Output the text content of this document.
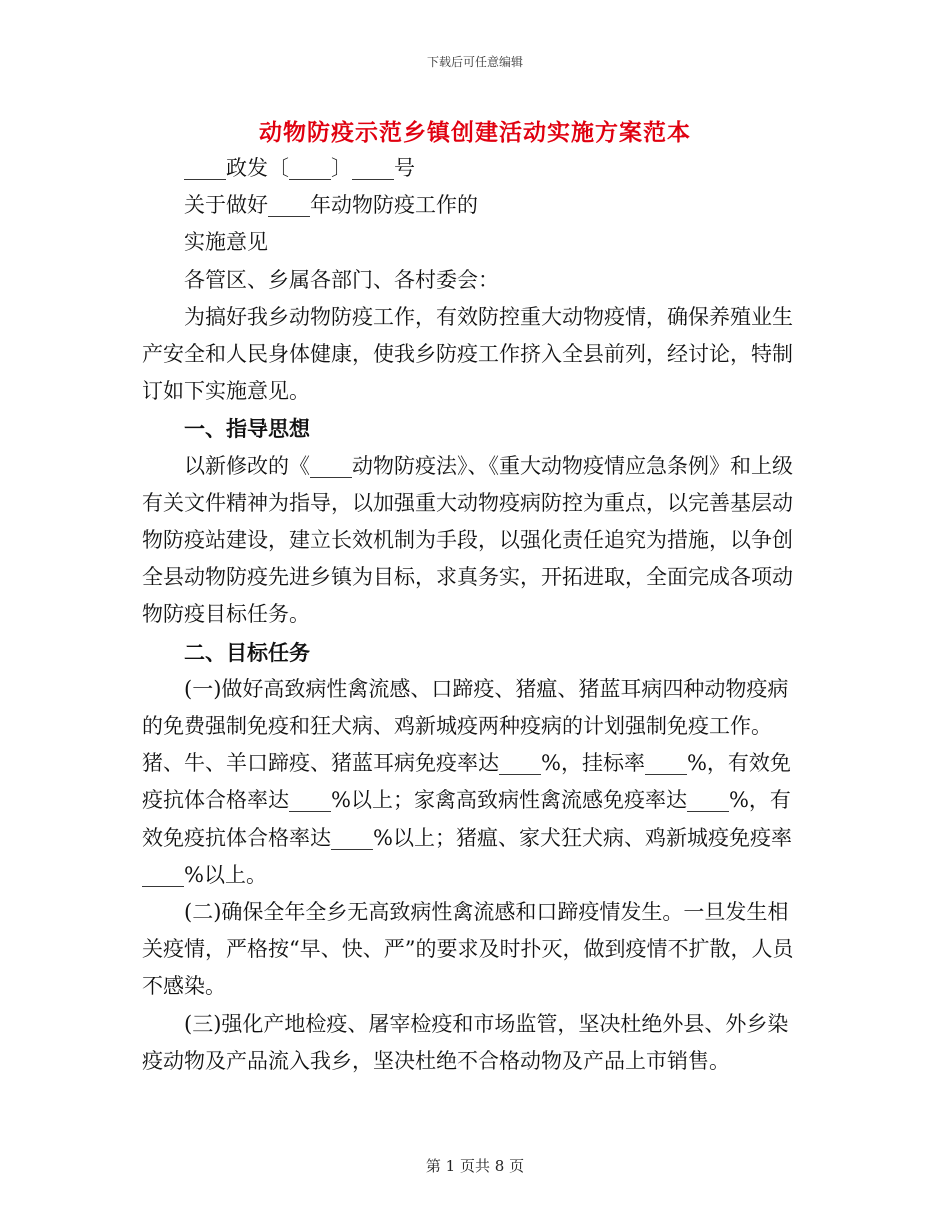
下载后可任意编辑
动物防疫示范乡镇创建活动实施方案范本

____政发〔____〕____号

关于做好____年动物防疫工作的

实施意见

各管区、乡属各部门、各村委会：

为搞好我乡动物防疫工作，有效防控重大动物疫情，确保养殖业生产安全和人民身体健康，使我乡防疫工作挤入全县前列，经讨论，特制订如下实施意见。

一、指导思想

以新修改的《____动物防疫法》、《重大动物疫情应急条例》和上级有关文件精神为指导，以加强重大动物疫病防控为重点，以完善基层动物防疫站建设，建立长效机制为手段，以强化责任追究为措施，以争创全县动物防疫先进乡镇为目标，求真务实，开拓进取，全面完成各项动物防疫目标任务。

二、目标任务

(一)做好高致病性禽流感、口蹄疫、猪瘟、猪蓝耳病四种动物疫病的免费强制免疫和狂犬病、鸡新城疫两种疫病的计划强制免疫工作。猪、牛、羊口蹄疫、猪蓝耳病免疫率达____%，挂标率____%，有效免疫抗体合格率达____%以上；家禽高致病性禽流感免疫率达____%，有效免疫抗体合格率达____%以上；猪瘟、家犬狂犬病、鸡新城疫免疫率____%以上。

(二)确保全年全乡无高致病性禽流感和口蹄疫情发生。一旦发生相关疫情，严格按“早、快、严”的要求及时扑灭，做到疫情不扩散，人员不感染。

(三)强化产地检疫、屠宰检疫和市场监管，坚决杜绝外县、外乡染疫动物及产品流入我乡，坚决杜绝不合格动物及产品上市销售。

第 1 页共 8 页
